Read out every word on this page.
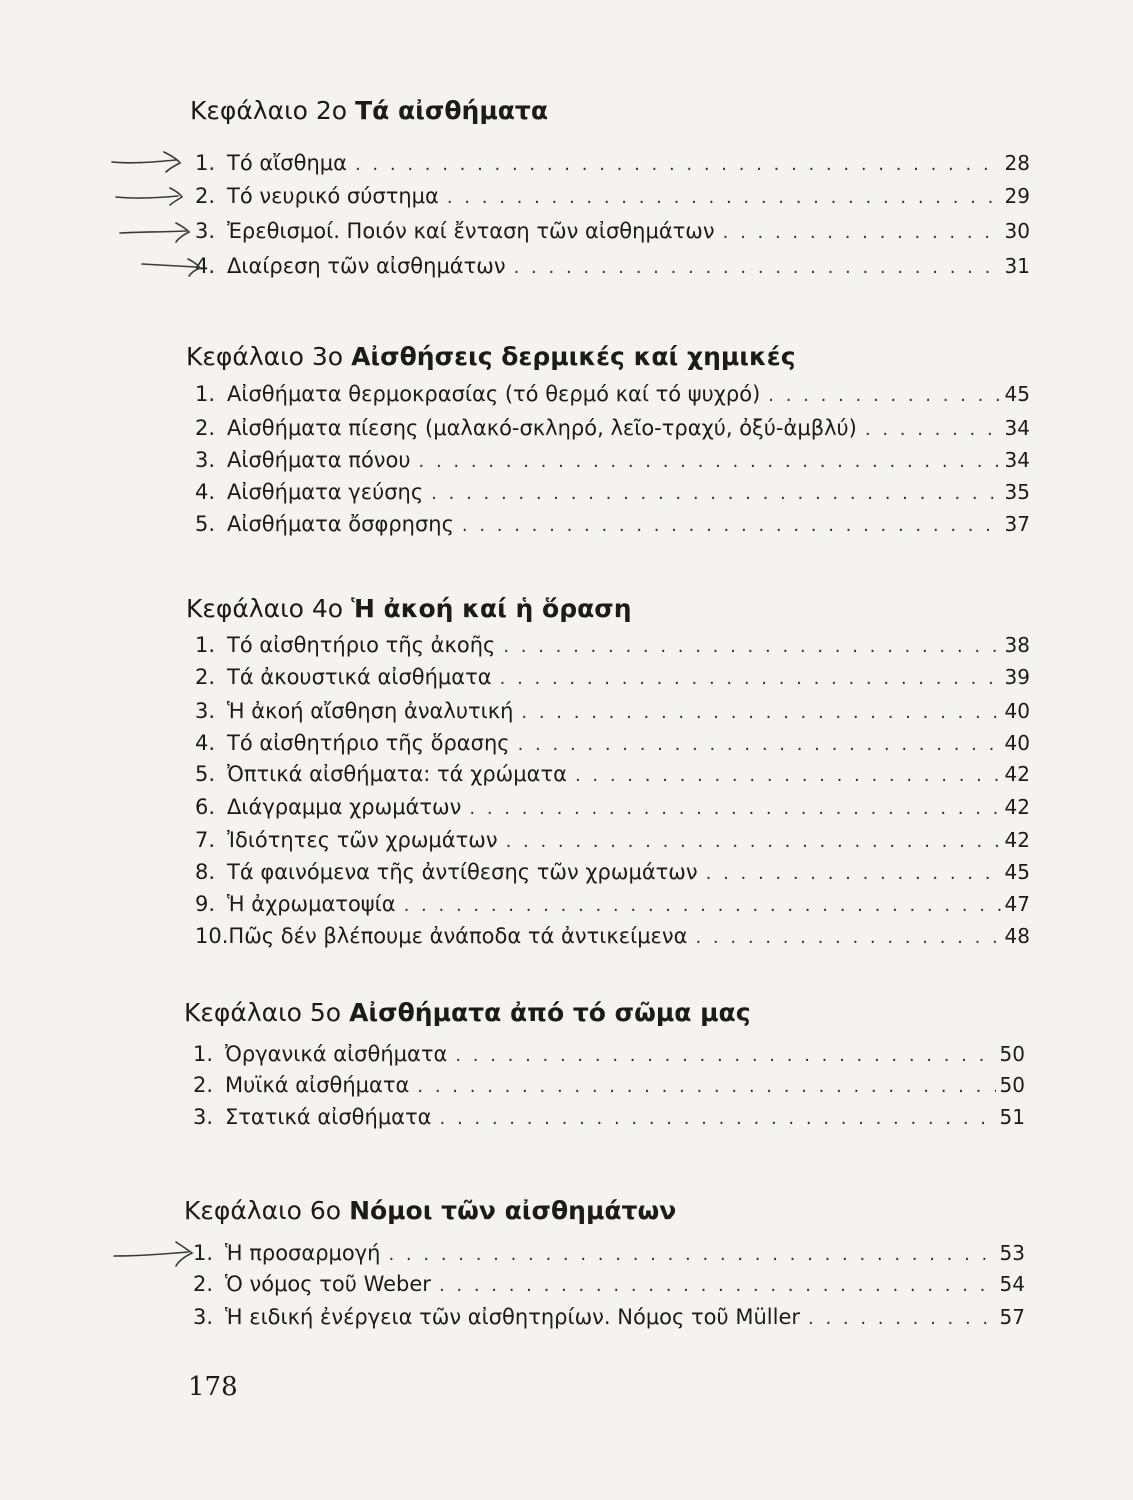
Κεφάλαιο 2ο Τά αἰσθήματα
1. Τό αἴσθημα . . .	28
2. Τό νευρικό σύστημα . . .	29
3. Ἐρεθισμοί. Ποιόν καί ἔνταση τῶν αἰσθημάτων . . .	30
4. Διαίρεση τῶν αἰσθημάτων . . .	31
Κεφάλαιο 3ο Αἰσθήσεις δερμικές καί χημικές
1. Αἰσθήματα θερμοκρασίας (τό θερμό καί τό ψυχρό) . . .	45
2. Αἰσθήματα πίεσης (μαλακό-σκληρό, λεῖο-τραχύ, ὀξύ-ἀμβλύ) . . .	34
3. Αἰσθήματα πόνου . . .	34
4. Αἰσθήματα γεύσης . . .	35
5. Αἰσθήματα ὄσφρησης . . .	37
Κεφάλαιο 4ο Ἡ ἀκοή καί ἡ ὅραση
1. Τό αἰσθητήριο τῆς ἀκοῆς . . .	38
2. Τά ἀκουστικά αἰσθήματα . . .	39
3. Ἡ ἀκοή αἴσθηση ἀναλυτική . . .	40
4. Τό αἰσθητήριο τῆς ὅρασης . . .	40
5. Ὀπτικά αἰσθήματα: τά χρώματα . . .	42
6. Διάγραμμα χρωμάτων . . .	42
7. Ἰδιότητες τῶν χρωμάτων . . .	42
8. Τά φαινόμενα τῆς ἀντίθεσης τῶν χρωμάτων . . .	45
9. Ἡ ἀχρωματοψία . . .	47
10. Πῶς δέν βλέπουμε ἀνάποδα τά ἀντικείμενα . . .	48
Κεφάλαιο 5ο Αἰσθήματα ἀπό τό σῶμα μας
1. Ὀργανικά αἰσθήματα . . .	50
2. Μυϊκά αἰσθήματα . . .	50
3. Στατικά αἰσθήματα . . .	51
Κεφάλαιο 6ο Νόμοι τῶν αἰσθημάτων
1. Ἡ προσαρμογή . . .	53
2. Ὁ νόμος τοῦ Weber . . .	54
3. Ἡ ειδική ἐνέργεια τῶν αἰσθητηρίων. Νόμος τοῦ Müller . . .	57
178
